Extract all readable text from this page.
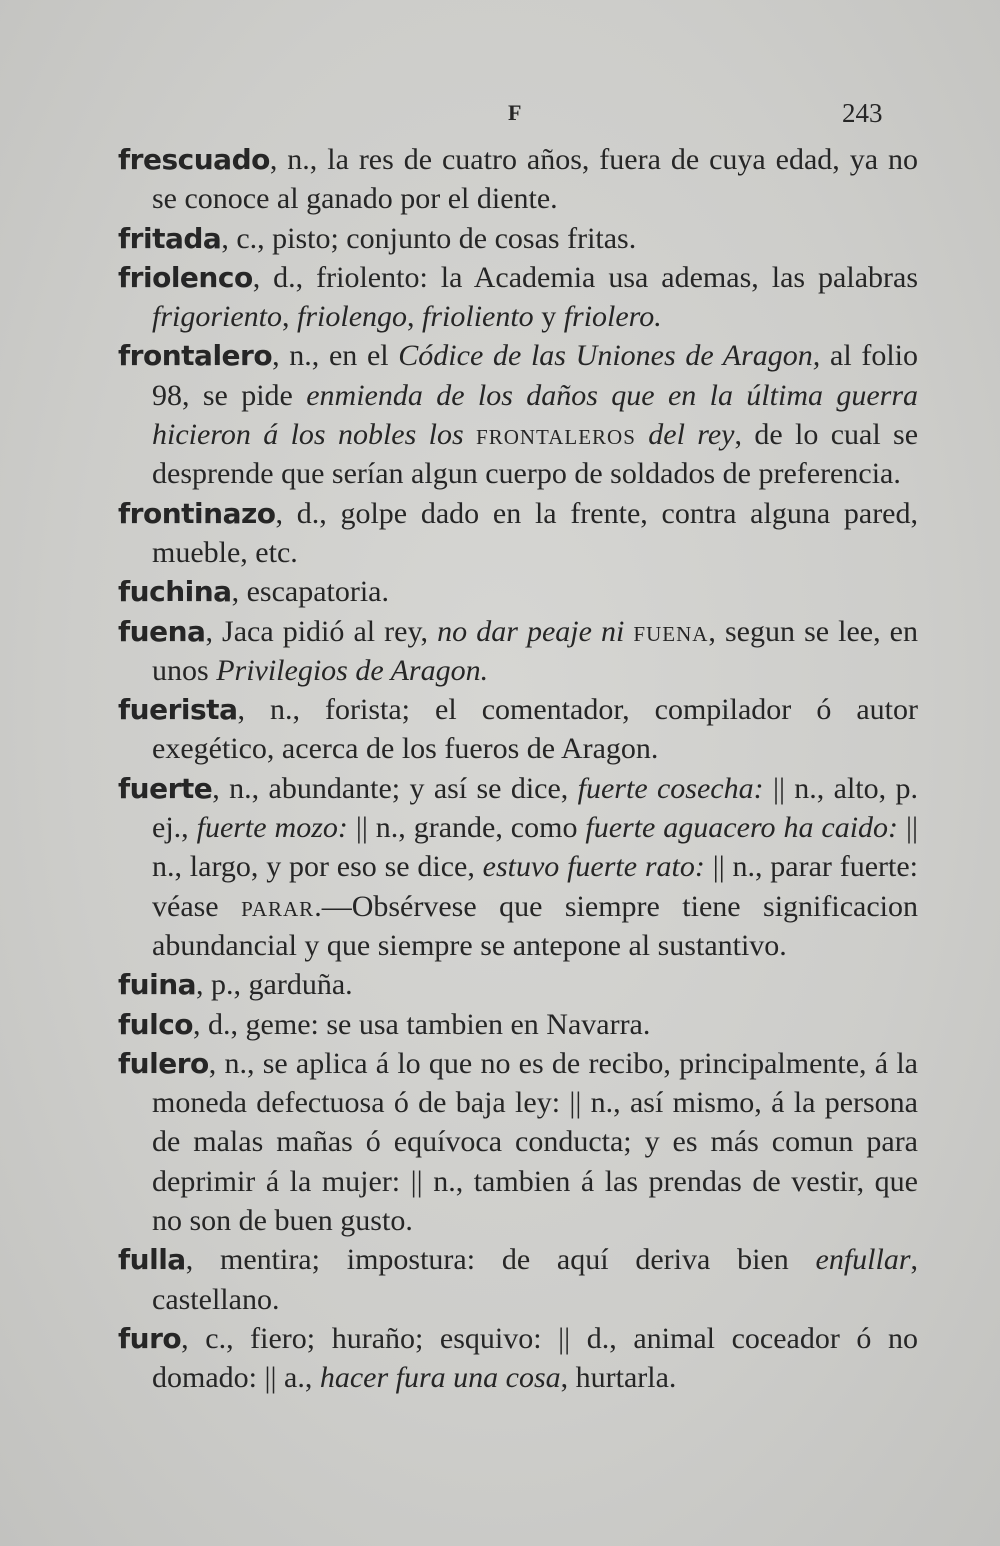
F	243

frescuado, n., la res de cuatro años, fuera de cuya edad, ya no se conoce al ganado por el diente.

fritada, c., pisto; conjunto de cosas fritas.

friolenco, d., friolento: la Academia usa ademas, las palabras frigoriento, friolengo, frioliento y friolero.

frontalero, n., en el Códice de las Uniones de Aragon, al folio 98, se pide enmienda de los daños que en la última guerra hicieron á los nobles los frontaleros del rey, de lo cual se desprende que serían algun cuerpo de soldados de preferencia.

frontinazo, d., golpe dado en la frente, contra alguna pared, mueble, etc.

fuchina, escapatoria.

fuena, Jaca pidió al rey, no dar peaje ni fuena, segun se lee, en unos Privilegios de Aragon.

fuerista, n., forista; el comentador, compilador ó autor exegético, acerca de los fueros de Aragon.

fuerte, n., abundante; y así se dice, fuerte cosecha: || n., alto, p. ej., fuerte mozo: || n., grande, como fuerte aguacero ha caido: || n., largo, y por eso se dice, estuvo fuerte rato: || n., parar fuerte: véase parar.—Obsérvese que siempre tiene significacion abundancial y que siempre se antepone al sustantivo.

fuina, p., garduña.

fulco, d., geme: se usa tambien en Navarra.

fulero, n., se aplica á lo que no es de recibo, principalmente, á la moneda defectuosa ó de baja ley: || n., así mismo, á la persona de malas mañas ó equívoca conducta; y es más comun para deprimir á la mujer: || n., tambien á las prendas de vestir, que no son de buen gusto.

fulla, mentira; impostura: de aquí deriva bien enfullar, castellano.

furo, c., fiero; huraño; esquivo: || d., animal coceador ó no domado: || a., hacer fura una cosa, hurtarla.
